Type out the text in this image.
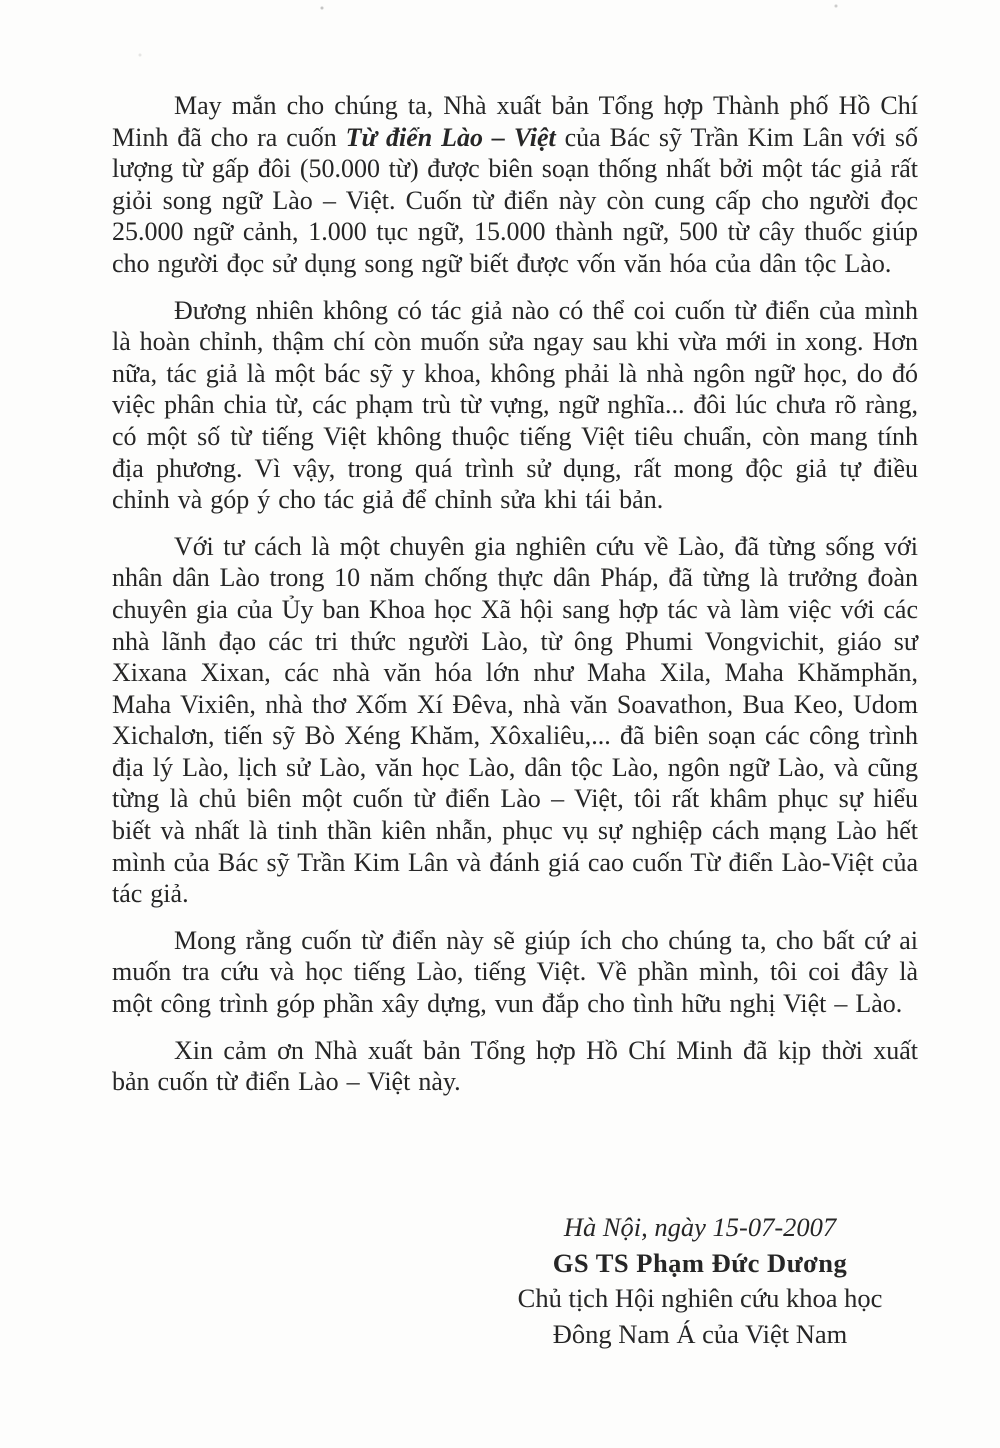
May mắn cho chúng ta, Nhà xuất bản Tổng hợp Thành phố Hồ Chí Minh đã cho ra cuốn Từ điển Lào – Việt của Bác sỹ Trần Kim Lân với số lượng từ gấp đôi (50.000 từ) được biên soạn thống nhất bởi một tác giả rất giỏi song ngữ Lào – Việt. Cuốn từ điển này còn cung cấp cho người đọc 25.000 ngữ cảnh, 1.000 tục ngữ, 15.000 thành ngữ, 500 từ cây thuốc giúp cho người đọc sử dụng song ngữ biết được vốn văn hóa của dân tộc Lào.

Đương nhiên không có tác giả nào có thể coi cuốn từ điển của mình là hoàn chỉnh, thậm chí còn muốn sửa ngay sau khi vừa mới in xong. Hơn nữa, tác giả là một bác sỹ y khoa, không phải là nhà ngôn ngữ học, do đó việc phân chia từ, các phạm trù từ vựng, ngữ nghĩa... đôi lúc chưa rõ ràng, có một số từ tiếng Việt không thuộc tiếng Việt tiêu chuẩn, còn mang tính địa phương. Vì vậy, trong quá trình sử dụng, rất mong độc giả tự điều chỉnh và góp ý cho tác giả để chỉnh sửa khi tái bản.

Với tư cách là một chuyên gia nghiên cứu về Lào, đã từng sống với nhân dân Lào trong 10 năm chống thực dân Pháp, đã từng là trưởng đoàn chuyên gia của Ủy ban Khoa học Xã hội sang hợp tác và làm việc với các nhà lãnh đạo các tri thức người Lào, từ ông Phumi Vongvichit, giáo sư Xixana Xixan, các nhà văn hóa lớn như Maha Xila, Maha Khămphăn, Maha Vixiên, nhà thơ Xốm Xí Đêva, nhà văn Soavathon, Bua Keo, Udom Xichalơn, tiến sỹ Bò Xéng Khăm, Xôxaliêu,... đã biên soạn các công trình địa lý Lào, lịch sử Lào, văn học Lào, dân tộc Lào, ngôn ngữ Lào, và cũng từng là chủ biên một cuốn từ điển Lào – Việt, tôi rất khâm phục sự hiểu biết và nhất là tinh thần kiên nhẫn, phục vụ sự nghiệp cách mạng Lào hết mình của Bác sỹ Trần Kim Lân và đánh giá cao cuốn Từ điển Lào-Việt của tác giả.

Mong rằng cuốn từ điển này sẽ giúp ích cho chúng ta, cho bất cứ ai muốn tra cứu và học tiếng Lào, tiếng Việt. Về phần mình, tôi coi đây là một công trình góp phần xây dựng, vun đắp cho tình hữu nghị Việt – Lào.

Xin cảm ơn Nhà xuất bản Tổng hợp Hồ Chí Minh đã kịp thời xuất bản cuốn từ điển Lào – Việt này.

Hà Nội, ngày 15-07-2007
GS TS Phạm Đức Dương
Chủ tịch Hội nghiên cứu khoa học
Đông Nam Á của Việt Nam
